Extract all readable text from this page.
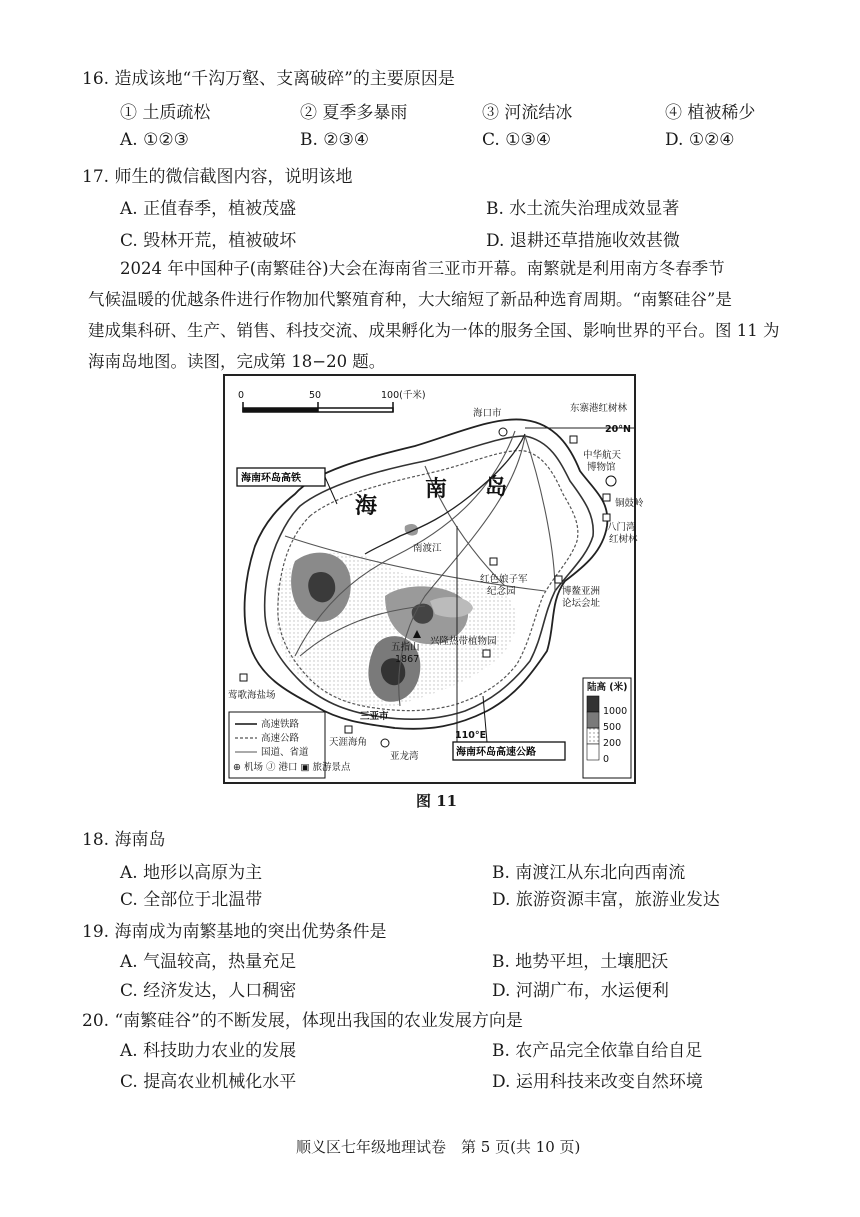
16. 造成该地“千沟万壑、支离破碎”的主要原因是
① 土质疏松	② 夏季多暴雨	③ 河流结冰	④ 植被稀少
A. ①②③	B. ②③④	C. ①③④	D. ①②④
17. 师生的微信截图内容，说明该地
A. 正值春季，植被茂盛	B. 水土流失治理成效显著
C. 毁林开荒，植被破坏	D. 退耕还草措施收效甚微
2024 年中国种子(南繁硅谷)大会在海南省三亚市开幕。南繁就是利用南方冬春季节
气候温暖的优越条件进行作物加代繁殖育种，大大缩短了新品种选育周期。“南繁硅谷”是
建成集科研、生产、销售、科技交流、成果孵化为一体的服务全国、影响世界的平台。图 11 为
海南岛地图。读图，完成第 18−20 题。
0	50	100(千米)
海
南 岛
南渡江
海南环岛高铁
海南环岛高速公路
20°N
110°E
海口市	东寨港红树林
中华航天
博物馆
铜鼓岭
八门湾
红树林
红色娘子军
纪念园	博鳌亚洲
论坛会址
五指山
1867
兴隆热带植物园
莺歌海盐场
三亚市
天涯海角
亚龙湾
高速铁路
高速公路
国道、省道
⊕ 机场 Ⓙ 港口 ▣ 旅游景点
陆高 (米)
1000
500
200
0
图 11
18. 海南岛
A. 地形以高原为主	B. 南渡江从东北向西南流
C. 全部位于北温带	D. 旅游资源丰富，旅游业发达
19. 海南成为南繁基地的突出优势条件是
A. 气温较高，热量充足	B. 地势平坦，土壤肥沃
C. 经济发达，人口稠密	D. 河湖广布，水运便利
20. “南繁硅谷”的不断发展，体现出我国的农业发展方向是
A. 科技助力农业的发展	B. 农产品完全依靠自给自足
C. 提高农业机械化水平	D. 运用科技来改变自然环境
顺义区七年级地理试卷　第 5 页(共 10 页)
